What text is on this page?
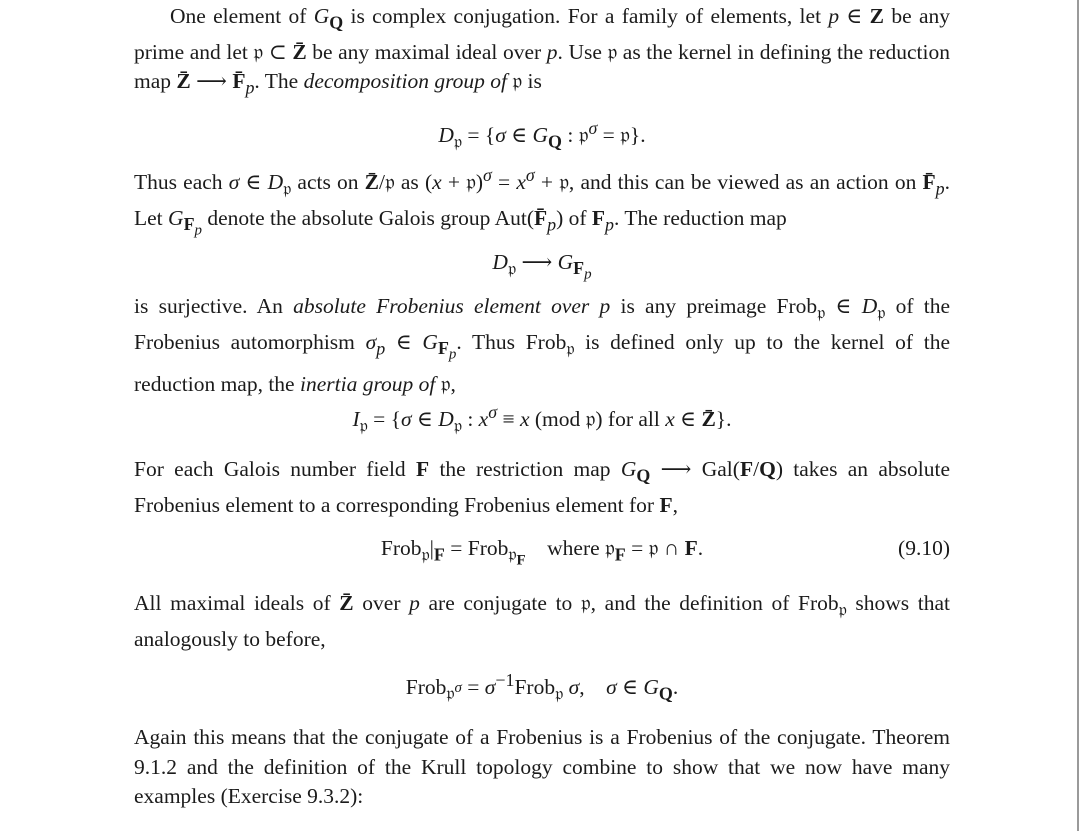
One element of $G_Q$ is complex conjugation. For a family of elements, let p ∈ Z be any prime and let 𝔭 ⊂ Z̄ be any maximal ideal over p. Use 𝔭 as the kernel in defining the reduction map Z̄ ⟶ $F̄_p$. The decomposition group of 𝔭 is
$D_𝔭 = \{\sigma$ ∈ $G_Q$ : 𝔭$^\sigma$ = 𝔭}.
Thus each σ ∈ $D_𝔭$ acts on Z̄/𝔭 as (x + 𝔭)$^\sigma$ = $x^\sigma$ + 𝔭, and this can be viewed as an action on $F̄_p$. Let $G_{F_p}$ denote the absolute Galois group $Aut(F̄_p)$ of $F_p$. The reduction map
$D_𝔭$ ⟶ $G_{F_p}$
is surjective. An absolute Frobenius element over p is any preimage Frob$_𝔭$ ∈ $D_𝔭$ of the Frobenius automorphism $\sigma_p$ ∈ $G_{F_p}$. Thus Frob$_𝔭$ is defined only up to the kernel of the reduction map, the inertia group of 𝔭,
$I_𝔭 = \{\sigma$ ∈ $D_𝔭$ : $x^\sigma \equiv x$ (mod 𝔭) for all x ∈ Z̄}.
For each Galois number field F the restriction map $G_Q$ ⟶ Gal(F/Q) takes an absolute Frobenius element to a corresponding Frobenius element for F,
$Frob_𝔭|_F$ = Frob$_{𝔭_F}$    where 𝔭$_F$ = 𝔭 ∩ F.	(9.10)
All maximal ideals of Z̄ over p are conjugate to 𝔭, and the definition of Frob$_𝔭$ shows that analogously to before,
Frob$_{𝔭^\sigma}$ = $\sigma^{-1}Frob_𝔭$ σ,    σ ∈ $G_Q$.
Again this means that the conjugate of a Frobenius is a Frobenius of the conjugate. Theorem 9.1.2 and the definition of the Krull topology combine to show that we now have many examples (Exercise 9.3.2):
